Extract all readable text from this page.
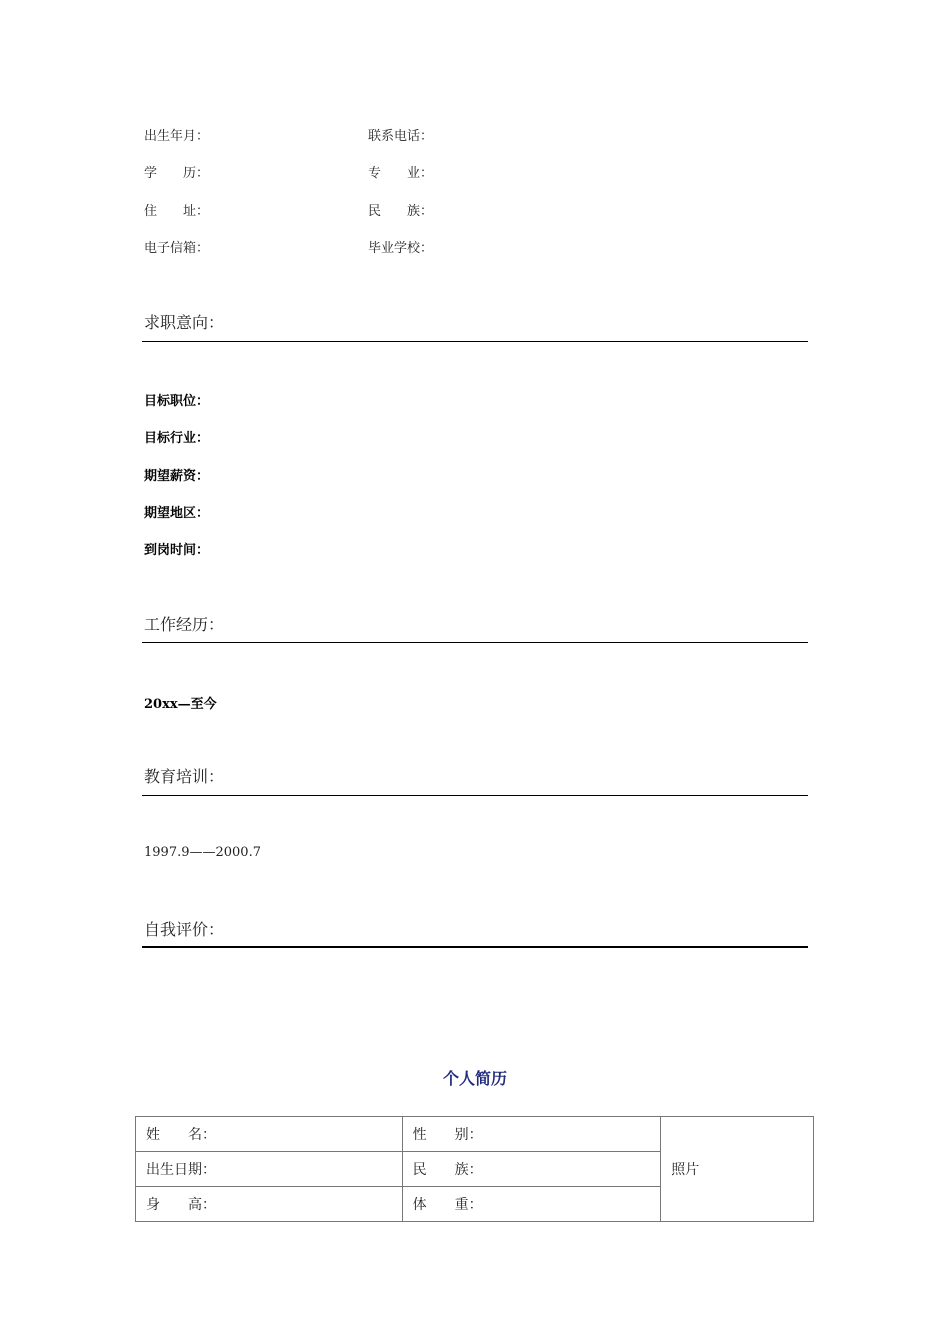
出生年月：	联系电话：
学　　历：	专　　业：
住　　址：	民　　族：
电子信箱：	毕业学校：
求职意向：
目标职位：
目标行业：
期望薪资：
期望地区：
到岗时间：
工作经历：
20xx—至今
教育培训：
1997.9——2000.7
自我评价：
个人简历
姓　　名：	性　　别：	照片
出生日期：	民　　族：	
身　　高：	体　　重：	
